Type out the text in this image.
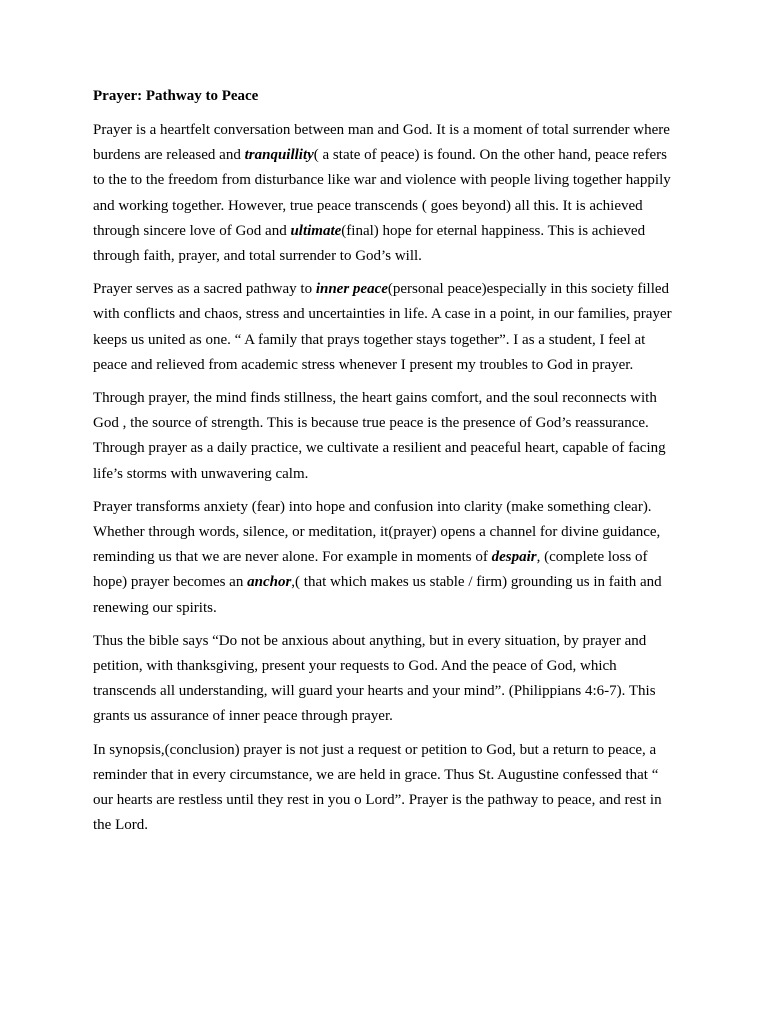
Prayer: Pathway to Peace

Prayer is a heartfelt conversation between man and God. It is a moment of total surrender where burdens are released and tranquillity( a state of peace) is found. On the other hand, peace refers to the to the freedom from disturbance like war and violence with people living together happily and working together. However, true peace transcends ( goes beyond) all this. It is achieved through sincere love of God and ultimate(final) hope for eternal happiness. This is achieved through faith, prayer, and total surrender to God’s will.

Prayer serves as a sacred pathway to inner peace(personal peace)especially in this society filled with conflicts and chaos, stress and uncertainties in life. A case in a point, in our families, prayer keeps us united as one. “ A family that prays together stays together”. I as a student, I feel at peace and relieved from academic stress whenever I present my troubles to God in prayer.

Through prayer, the mind finds stillness, the heart gains comfort, and the soul reconnects with God , the source of strength. This is because true peace is the presence of God’s reassurance. Through prayer as a daily practice, we cultivate a resilient and peaceful heart, capable of facing life’s storms with unwavering calm.

Prayer transforms anxiety (fear) into hope and confusion into clarity (make something clear). Whether through words, silence, or meditation, it(prayer) opens a channel for divine guidance, reminding us that we are never alone. For example in moments of despair, (complete loss of hope) prayer becomes an anchor,( that which makes us stable / firm) grounding us in faith and renewing our spirits.

Thus the bible says “Do not be anxious about anything, but in every situation, by prayer and petition, with thanksgiving, present your requests to God. And the peace of God, which transcends all understanding, will guard your hearts and your mind”. (Philippians 4:6-7). This grants us assurance of inner peace through prayer.

In synopsis,(conclusion) prayer is not just a request or petition to God, but a return to peace, a reminder that in every circumstance, we are held in grace. Thus St. Augustine confessed that “ our hearts are restless until they rest in you o Lord”. Prayer is the pathway to peace, and rest in the Lord.
